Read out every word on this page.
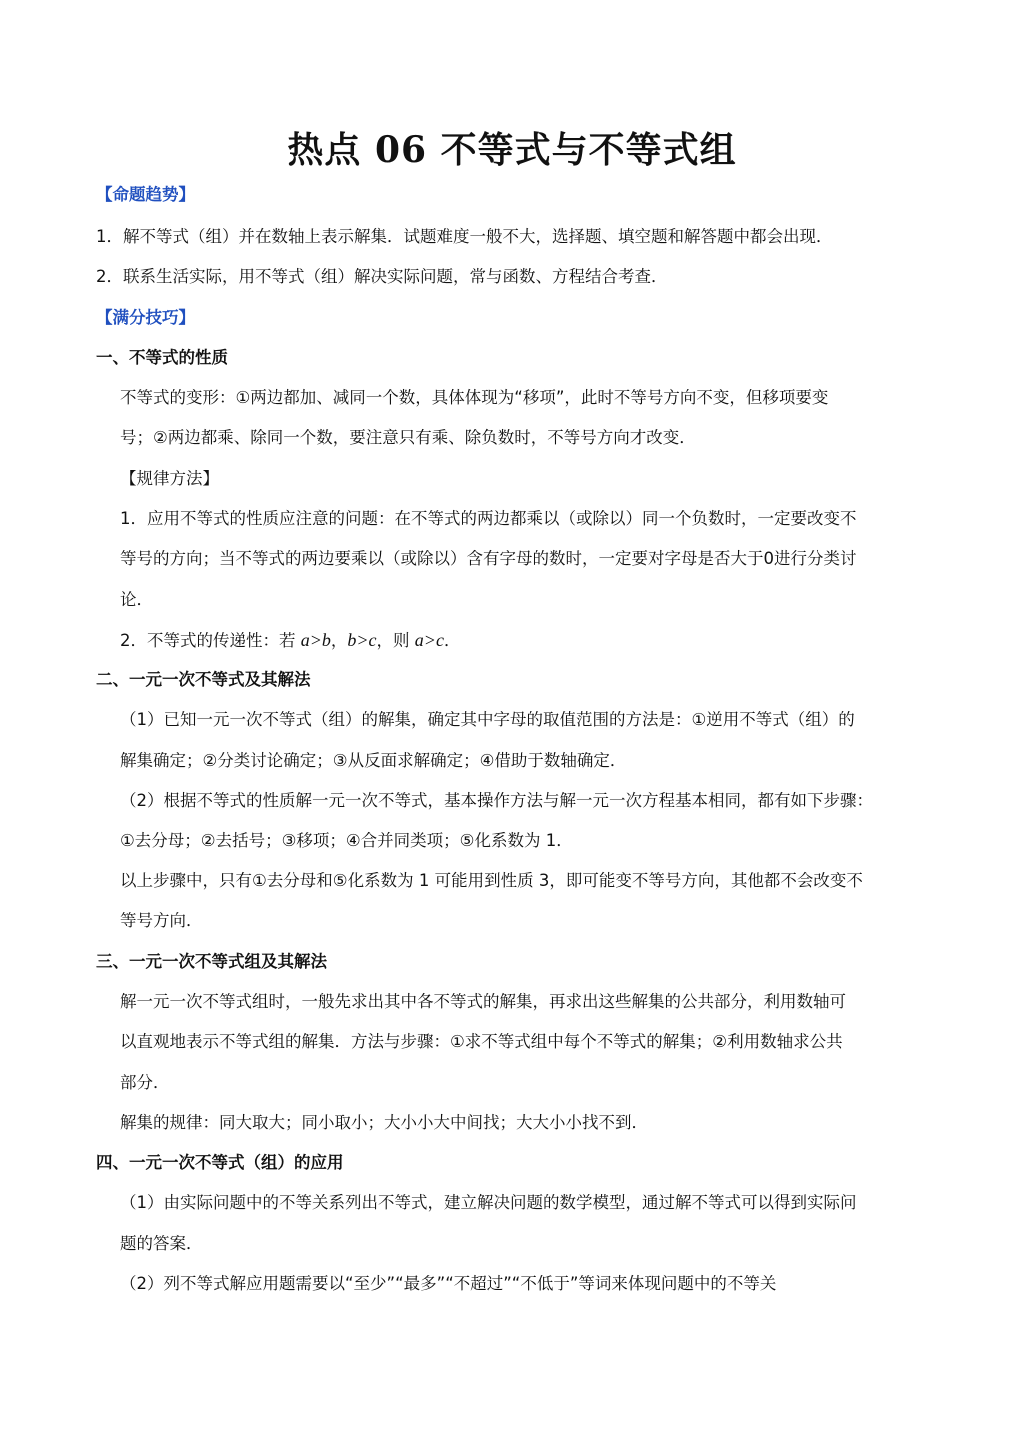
热点 06 不等式与不等式组
【命题趋势】
1．解不等式（组）并在数轴上表示解集．试题难度一般不大，选择题、填空题和解答题中都会出现．
2．联系生活实际，用不等式（组）解决实际问题，常与函数、方程结合考查．
【满分技巧】
一、不等式的性质
不等式的变形：①两边都加、减同一个数，具体体现为“移项”，此时不等号方向不变，但移项要变
号；②两边都乘、除同一个数，要注意只有乘、除负数时，不等号方向才改变．
【规律方法】
1．应用不等式的性质应注意的问题：在不等式的两边都乘以（或除以）同一个负数时，一定要改变不
等号的方向；当不等式的两边要乘以（或除以）含有字母的数时，一定要对字母是否大于0进行分类讨
论．
2．不等式的传递性：若 a>b，b>c，则 a>c．
二、一元一次不等式及其解法
（1）已知一元一次不等式（组）的解集，确定其中字母的取值范围的方法是：①逆用不等式（组）的
解集确定；②分类讨论确定；③从反面求解确定；④借助于数轴确定．
（2）根据不等式的性质解一元一次不等式，基本操作方法与解一元一次方程基本相同，都有如下步骤：
①去分母；②去括号；③移项；④合并同类项；⑤化系数为 1．
以上步骤中，只有①去分母和⑤化系数为 1 可能用到性质 3，即可能变不等号方向，其他都不会改变不
等号方向．
三、一元一次不等式组及其解法
解一元一次不等式组时，一般先求出其中各不等式的解集，再求出这些解集的公共部分，利用数轴可
以直观地表示不等式组的解集．方法与步骤：①求不等式组中每个不等式的解集；②利用数轴求公共
部分．
解集的规律：同大取大；同小取小；大小小大中间找；大大小小找不到．
四、一元一次不等式（组）的应用
（1）由实际问题中的不等关系列出不等式，建立解决问题的数学模型，通过解不等式可以得到实际问
题的答案．
（2）列不等式解应用题需要以“至少”“最多”“不超过”“不低于”等词来体现问题中的不等关
